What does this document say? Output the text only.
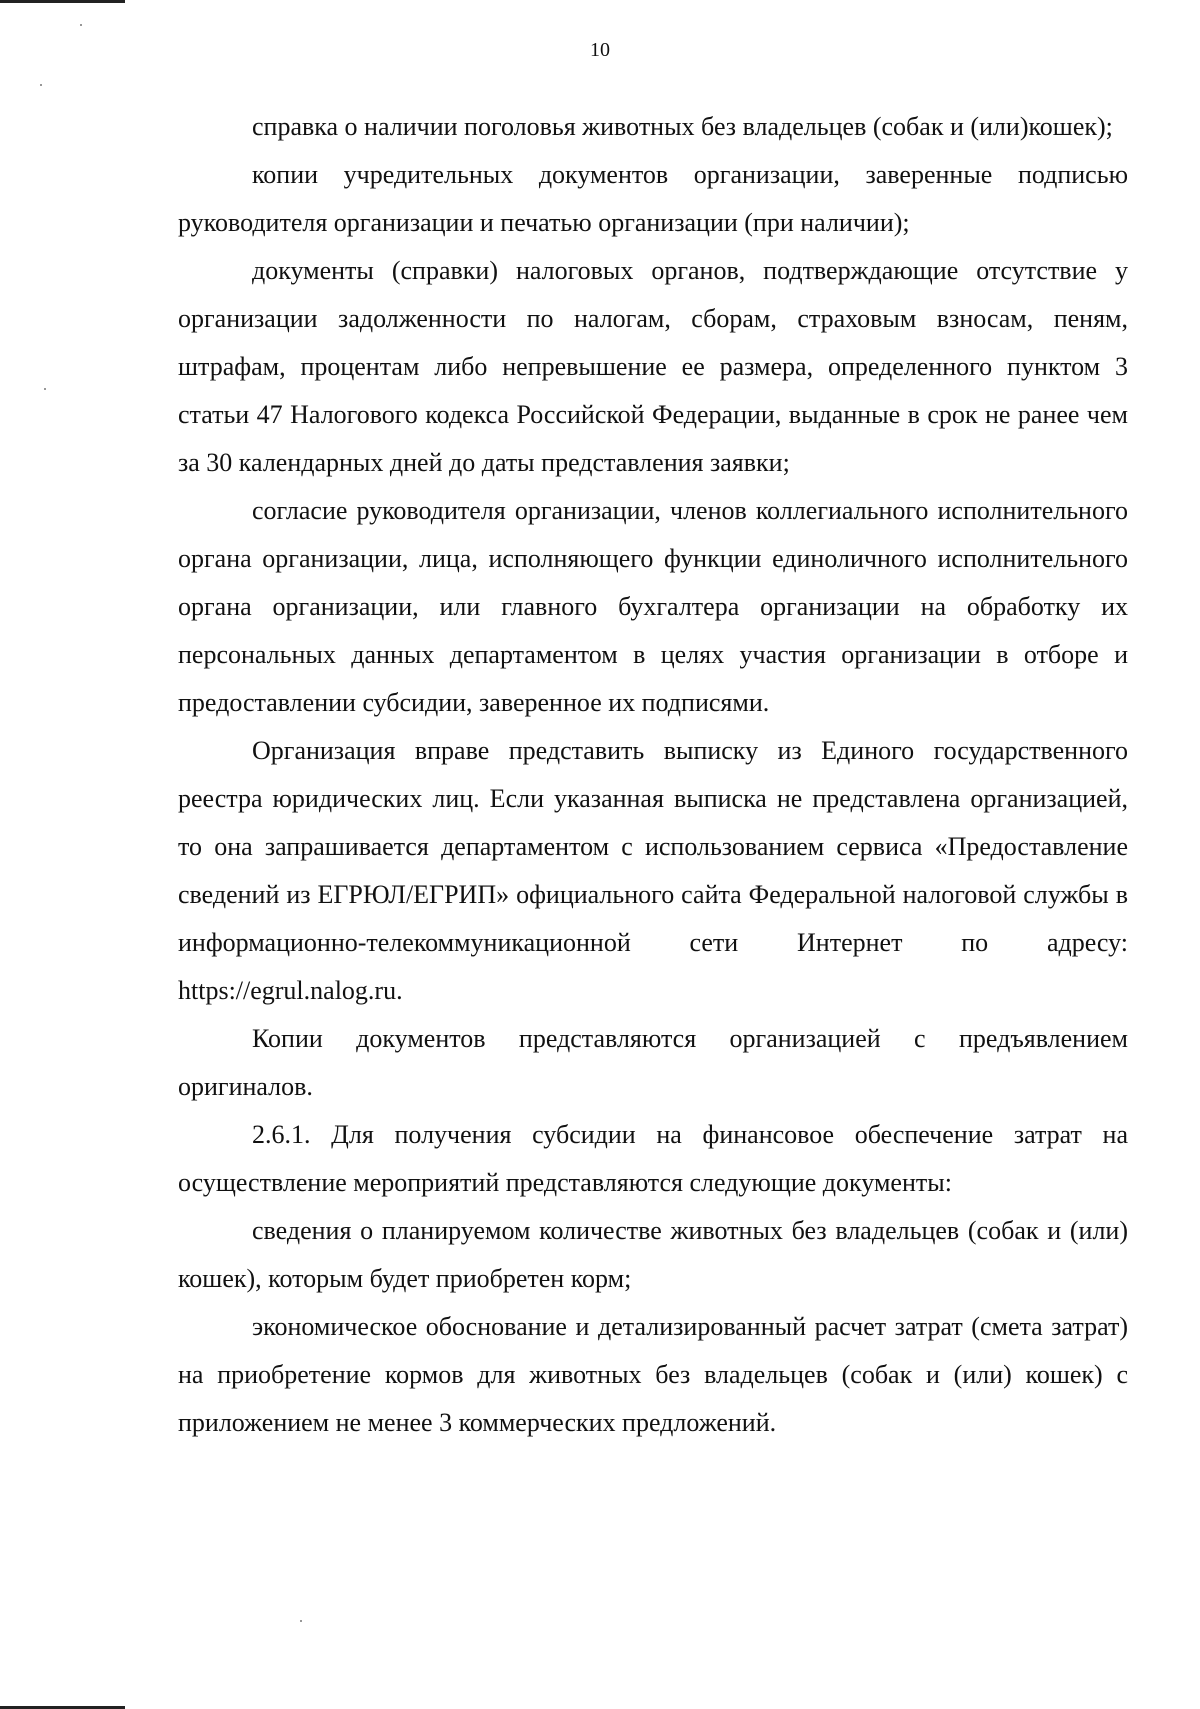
10

справка о наличии поголовья животных без владельцев (собак и (или)кошек);

копии учредительных документов организации, заверенные подписью руководителя организации и печатью организации (при наличии);

документы (справки) налоговых органов, подтверждающие отсутствие у организации задолженности по налогам, сборам, страховым взносам, пеням, штрафам, процентам либо непревышение ее размера, определенного пунктом 3 статьи 47 Налогового кодекса Российской Федерации, выданные в срок не ранее чем за 30 календарных дней до даты представления заявки;

согласие руководителя организации, членов коллегиального исполнительного органа организации, лица, исполняющего функции единоличного исполнительного органа организации, или главного бухгалтера организации на обработку их персональных данных департаментом в целях участия организации в отборе и предоставлении субсидии, заверенное их подписями.

Организация вправе представить выписку из Единого государственного реестра юридических лиц. Если указанная выписка не представлена организацией, то она запрашивается департаментом с использованием сервиса «Предоставление сведений из ЕГРЮЛ/ЕГРИП» официального сайта Федеральной налоговой службы в информационно-телекоммуникационной сети Интернет по адресу: https://egrul.nalog.ru.

Копии документов представляются организацией с предъявлением оригиналов.

2.6.1. Для получения субсидии на финансовое обеспечение затрат на осуществление мероприятий представляются следующие документы:

сведения о планируемом количестве животных без владельцев (собак и (или) кошек), которым будет приобретен корм;

экономическое обоснование и детализированный расчет затрат (смета затрат) на приобретение кормов для животных без владельцев (собак и (или) кошек) с приложением не менее 3 коммерческих предложений.
